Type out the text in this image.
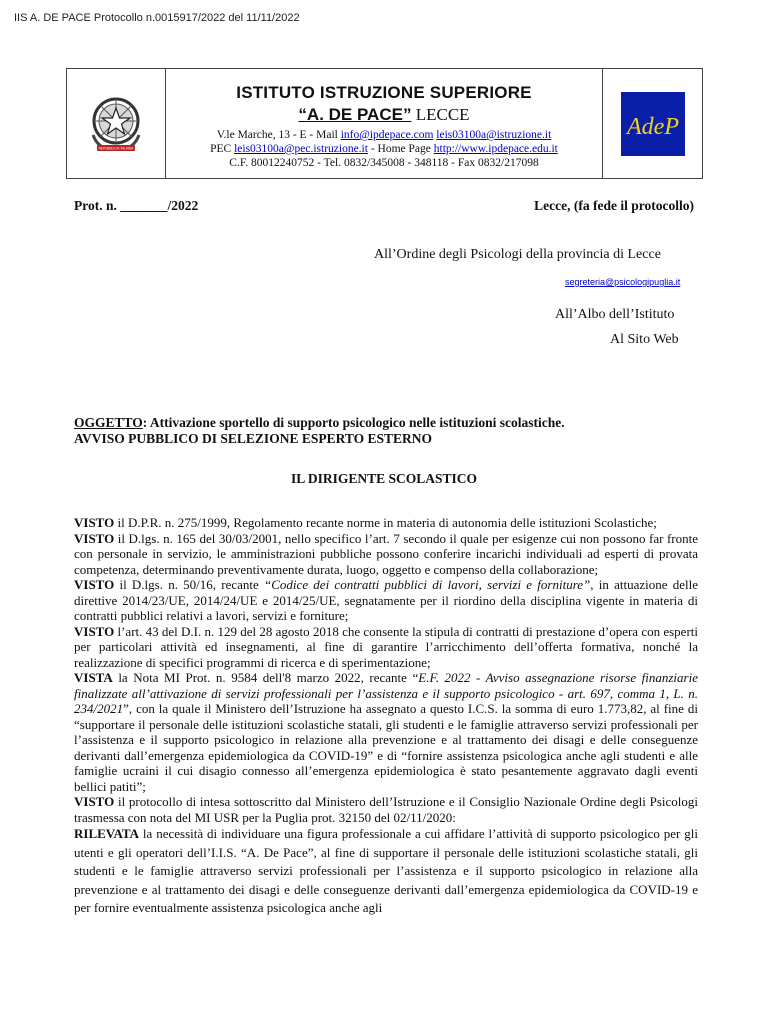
IIS A. DE PACE Protocollo n.0015917/2022 del 11/11/2022
REPUBBLICA ITALIANA
ISTITUTO ISTRUZIONE SUPERIORE
“A. DE PACE” LECCE
V.le Marche, 13 - E - Mail info@ipdepace.com leis03100a@istruzione.it
PEC leis03100a@pec.istruzione.it - Home Page http://www.ipdepace.edu.it
C.F. 80012240752 - Tel. 0832/345008 - 348118 - Fax 0832/217098
AdeP
Prot. n. _______/2022	Lecce, (fa fede il protocollo)
All’Ordine degli Psicologi della provincia di Lecce
segreteria@psicologipuglia.it
All’Albo dell’Istituto
Al Sito Web
OGGETTO: Attivazione sportello di supporto psicologico nelle istituzioni scolastiche.
AVVISO PUBBLICO DI SELEZIONE ESPERTO ESTERNO
IL DIRIGENTE SCOLASTICO

VISTO il D.P.R. n. 275/1999, Regolamento recante norme in materia di autonomia delle istituzioni Scolastiche;

VISTO il D.lgs. n. 165 del 30/03/2001, nello specifico l’art. 7 secondo il quale per esigenze cui non possono far fronte con personale in servizio, le amministrazioni pubbliche possono conferire incarichi individuali ad esperti di provata competenza, determinando preventivamente durata, luogo, oggetto e compenso della collaborazione;

VISTO il D.lgs. n. 50/16, recante “Codice dei contratti pubblici di lavori, servizi e forniture”, in attuazione delle direttive 2014/23/UE, 2014/24/UE e 2014/25/UE, segnatamente per il riordino della disciplina vigente in materia di contratti pubblici relativi a lavori, servizi e forniture;

VISTO l’art. 43 del D.I. n. 129 del 28 agosto 2018 che consente la stipula di contratti di prestazione d’opera con esperti per particolari attività ed insegnamenti, al fine di garantire l’arricchimento dell’offerta formativa, nonché la realizzazione di specifici programmi di ricerca e di sperimentazione;

VISTA la Nota MI Prot. n. 9584 dell'8 marzo 2022, recante “E.F. 2022 - Avviso assegnazione risorse finanziarie finalizzate all’attivazione di servizi professionali per l’assistenza e il supporto psicologico - art. 697, comma 1, L. n. 234/2021”, con la quale il Ministero dell’Istruzione ha assegnato a questo I.C.S. la somma di euro 1.773,82, al fine di “supportare il personale delle istituzioni scolastiche statali, gli studenti e le famiglie attraverso servizi professionali per l’assistenza e il supporto psicologico in relazione alla prevenzione e al trattamento dei disagi e delle conseguenze derivanti dall’emergenza epidemiologica da COVID-19” e di “fornire assistenza psicologica anche agli studenti e alle famiglie ucraini il cui disagio connesso all’emergenza epidemiologica è stato pesantemente aggravato dagli eventi bellici patiti”;

VISTO il protocollo di intesa sottoscritto dal Ministero dell’Istruzione e il Consiglio Nazionale Ordine degli Psicologi trasmessa con nota del MI USR per la Puglia prot. 32150 del 02/11/2020:

RILEVATA la necessità di individuare una figura professionale a cui affidare l’attività di supporto psicologico per gli utenti e gli operatori dell’I.I.S. “A. De Pace”, al fine di supportare il personale delle istituzioni scolastiche statali, gli studenti e le famiglie attraverso servizi professionali per l’assistenza e il supporto psicologico in relazione alla prevenzione e al trattamento dei disagi e delle conseguenze derivanti dall’emergenza epidemiologica da COVID-19 e per fornire eventualmente assistenza psicologica anche agli
